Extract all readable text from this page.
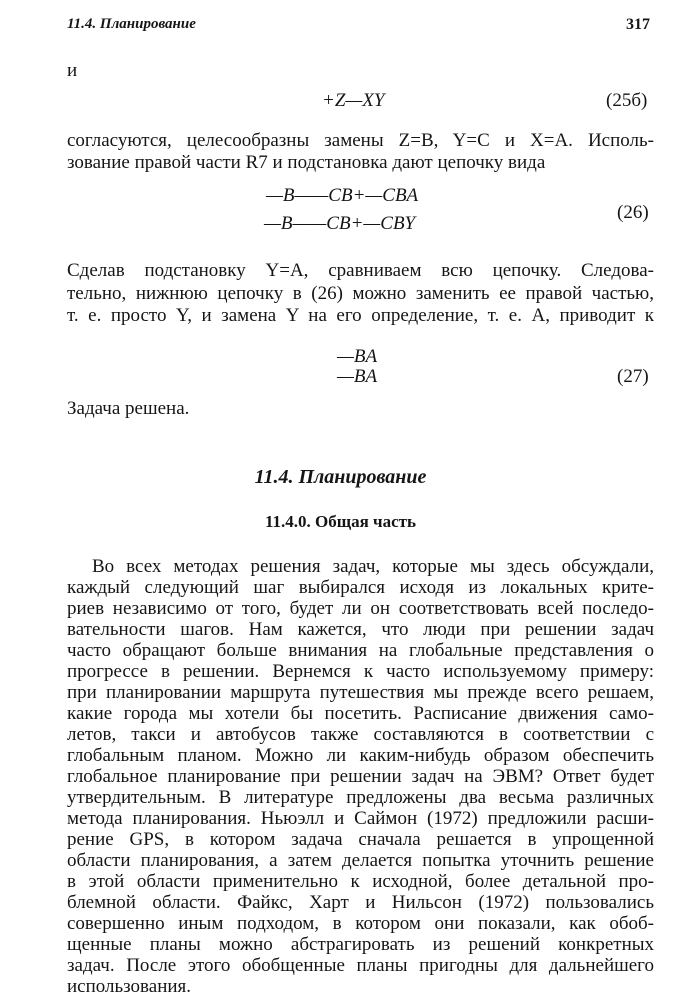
11.4. Планирование	317
и
+Z—XY	(25б)
согласуются, целесообразны замены Z=B, Y=C и X=A. Исполь-
зование правой части R7 и подстановка дают цепочку вида
—B——CB+—CBA
—B——CB+—CBY
(26)
Сделав подстановку Y=A, сравниваем всю цепочку. Следова-
тельно, нижнюю цепочку в (26) можно заменить ее правой частью,
т. е. просто Y, и замена Y на его определение, т. е. A, приводит к
—BA
—BA	(27)
Задача решена.
11.4. Планирование
11.4.0. Общая часть
Во всех методах решения задач, которые мы здесь обсуждали,
каждый следующий шаг выбирался исходя из локальных крите-
риев независимо от того, будет ли он соответствовать всей последо-
вательности шагов. Нам кажется, что люди при решении задач
часто обращают больше внимания на глобальные представления о
прогрессе в решении. Вернемся к часто используемому примеру:
при планировании маршрута путешествия мы прежде всего решаем,
какие города мы хотели бы посетить. Расписание движения само-
летов, такси и автобусов также составляются в соответствии с
глобальным планом. Можно ли каким-нибудь образом обеспечить
глобальное планирование при решении задач на ЭВМ? Ответ будет
утвердительным. В литературе предложены два весьма различных
метода планирования. Ньюэлл и Саймон (1972) предложили расши-
рение GPS, в котором задача сначала решается в упрощенной
области планирования, а затем делается попытка уточнить решение
в этой области применительно к исходной, более детальной про-
блемной области. Файкс, Харт и Нильсон (1972) пользовались
совершенно иным подходом, в котором они показали, как обоб-
щенные планы можно абстрагировать из решений конкретных
задач. После этого обобщенные планы пригодны для дальнейшего
использования.
